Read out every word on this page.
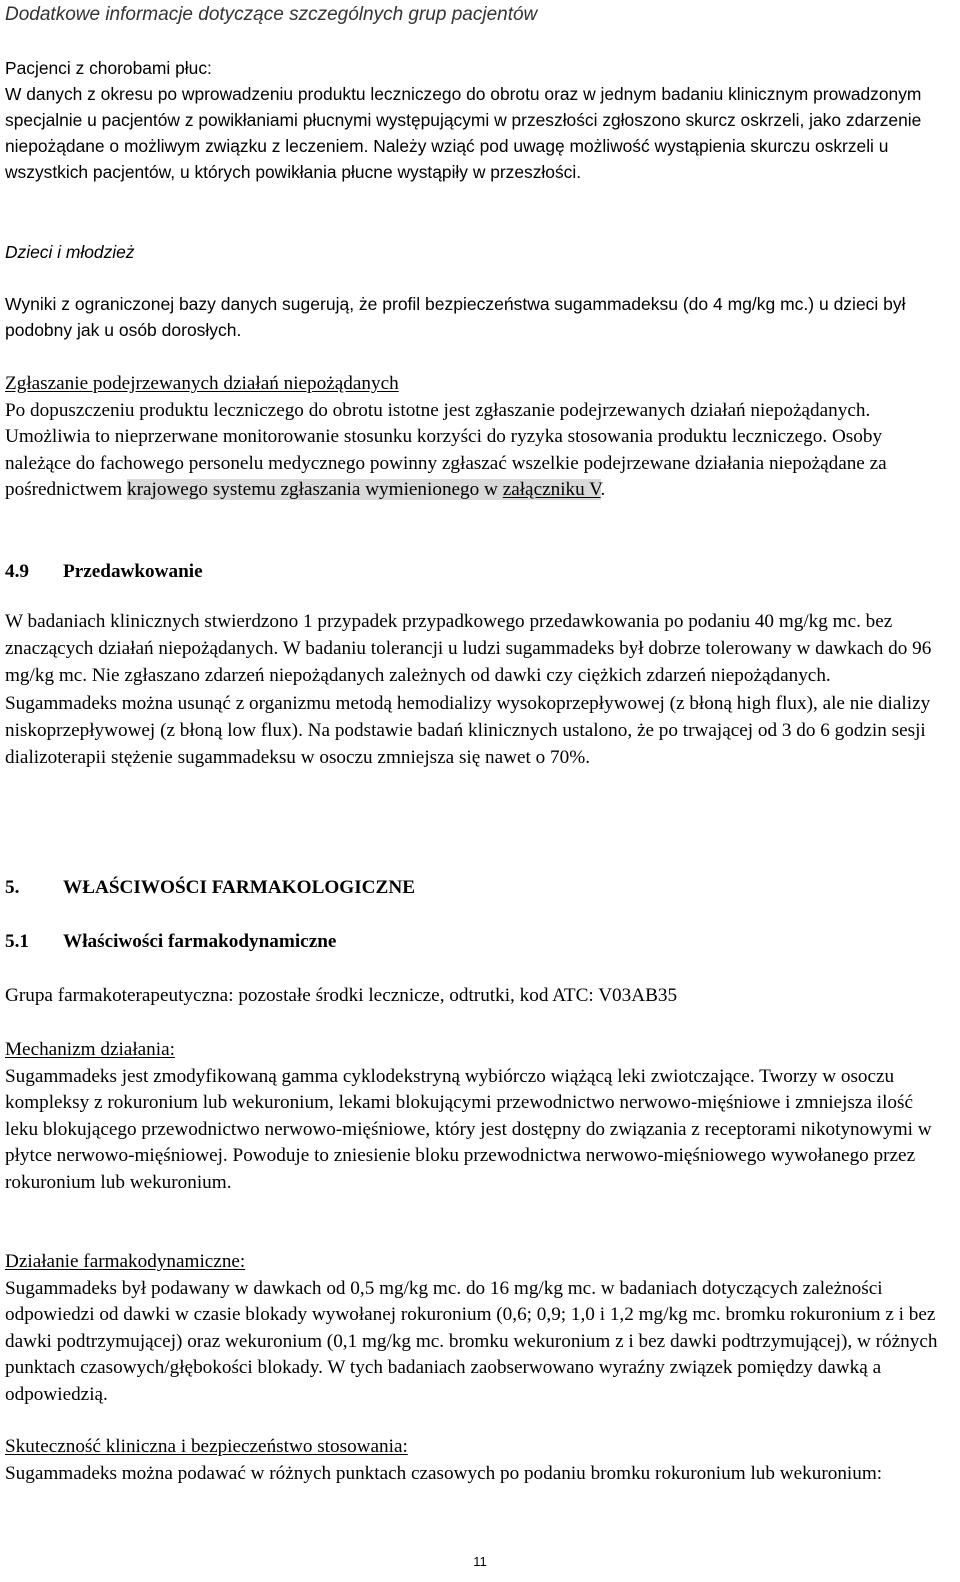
Dodatkowe informacje dotyczące szczególnych grup pacjentów

Pacjenci z chorobami płuc:
W danych z okresu po wprowadzeniu produktu leczniczego do obrotu oraz w jednym badaniu klinicznym prowadzonym specjalnie u pacjentów z powikłaniami płucnymi występującymi w przeszłości zgłoszono skurcz oskrzeli, jako zdarzenie niepożądane o możliwym związku z leczeniem. Należy wziąć pod uwagę możliwość wystąpienia skurczu oskrzeli u wszystkich pacjentów, u których powikłania płucne wystąpiły w przeszłości.

Dzieci i młodzież

Wyniki z ograniczonej bazy danych sugerują, że profil bezpieczeństwa sugammadeksu (do 4 mg/kg mc.) u dzieci był podobny jak u osób dorosłych.

Zgłaszanie podejrzewanych działań niepożądanych
Po dopuszczeniu produktu leczniczego do obrotu istotne jest zgłaszanie podejrzewanych działań niepożądanych. Umożliwia to nieprzerwane monitorowanie stosunku korzyści do ryzyka stosowania produktu leczniczego. Osoby należące do fachowego personelu medycznego powinny zgłaszać wszelkie podejrzewane działania niepożądane za pośrednictwem krajowego systemu zgłaszania wymienionego w załączniku V.
4.9 Przedawkowanie
W badaniach klinicznych stwierdzono 1 przypadek przypadkowego przedawkowania po podaniu 40 mg/kg mc. bez znaczących działań niepożądanych. W badaniu tolerancji u ludzi sugammadeks był dobrze tolerowany w dawkach do 96 mg/kg mc. Nie zgłaszano zdarzeń niepożądanych zależnych od dawki czy ciężkich zdarzeń niepożądanych.
Sugammadeks można usunąć z organizmu metodą hemodializy wysokoprzepływowej (z błoną high flux), ale nie dializy niskoprzepływowej (z błoną low flux). Na podstawie badań klinicznych ustalono, że po trwającej od 3 do 6 godzin sesji dializoterapii stężenie sugammadeksu w osoczu zmniejsza się nawet o 70%.
5. WŁAŚCIWOŚCI FARMAKOLOGICZNE
5.1 Właściwości farmakodynamiczne

Grupa farmakoterapeutyczna: pozostałe środki lecznicze, odtrutki, kod ATC: V03AB35

Mechanizm działania:
Sugammadeks jest zmodyfikowaną gamma cyklodekstryną wybiórczo wiążącą leki zwiotczające. Tworzy w osoczu kompleksy z rokuronium lub wekuronium, lekami blokującymi przewodnictwo nerwowo-mięśniowe i zmniejsza ilość leku blokującego przewodnictwo nerwowo-mięśniowe, który jest dostępny do związania z receptorami nikotynowymi w płytce nerwowo-mięśniowej. Powoduje to zniesienie bloku przewodnictwa nerwowo-mięśniowego wywołanego przez rokuronium lub wekuronium.
Działanie farmakodynamiczne:
Sugammadeks był podawany w dawkach od 0,5 mg/kg mc. do 16 mg/kg mc. w badaniach dotyczących zależności odpowiedzi od dawki w czasie blokady wywołanej rokuronium (0,6; 0,9; 1,0 i 1,2 mg/kg mc. bromku rokuronium z i bez dawki podtrzymującej) oraz wekuronium (0,1 mg/kg mc. bromku wekuronium z i bez dawki podtrzymującej), w różnych punktach czasowych/głębokości blokady. W tych badaniach zaobserwowano wyraźny związek pomiędzy dawką a odpowiedzią.
Skuteczność kliniczna i bezpieczeństwo stosowania:
Sugammadeks można podawać w różnych punktach czasowych po podaniu bromku rokuronium lub wekuronium:
11
